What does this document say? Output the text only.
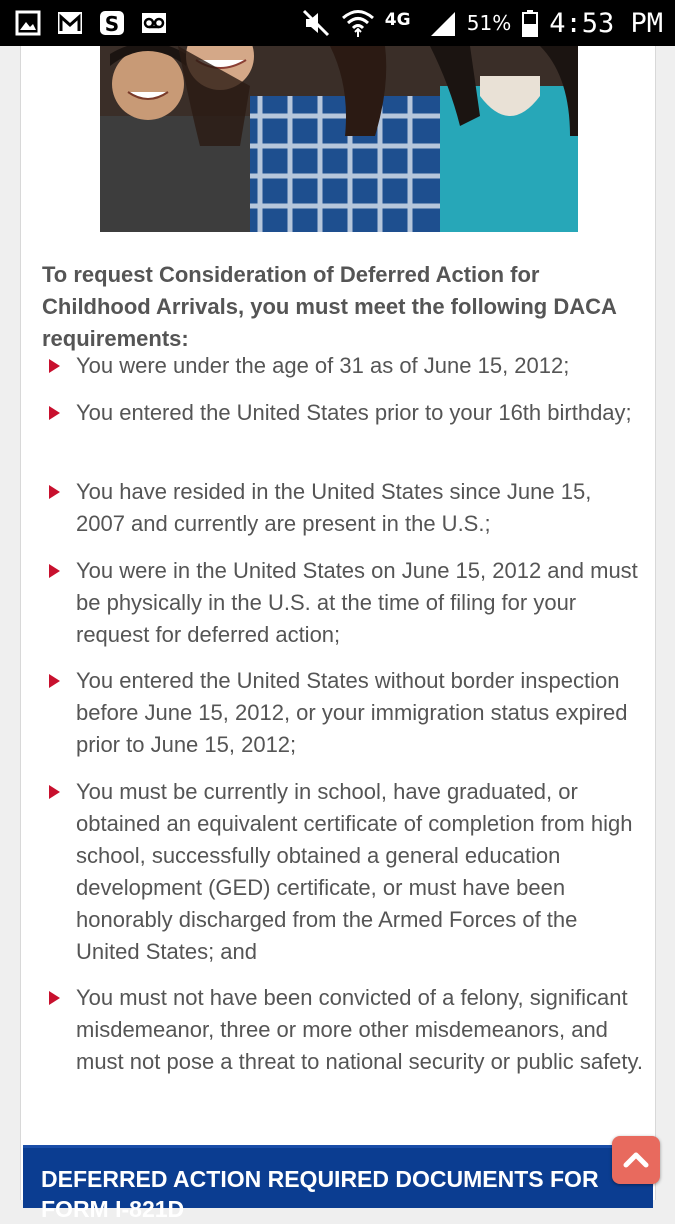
S	4G	51% 4:53 PM
To request Consideration of Deferred Action for Childhood Arrivals, you must meet the following DACA requirements:
You were under the age of 31 as of June 15, 2012;
You entered the United States prior to your 16th birthday;
You have resided in the United States since June 15, 2007 and currently are present in the U.S.;
You were in the United States on June 15, 2012 and must be physically in the U.S. at the time of filing for your request for deferred action;
You entered the United States without border inspection before June 15, 2012, or your immigration status expired prior to June 15, 2012;
You must be currently in school, have graduated, or obtained an equivalent certificate of completion from high school, successfully obtained a general education development (GED) certificate, or must have been honorably discharged from the Armed Forces of the United States; and
You must not have been convicted of a felony, significant misdemeanor, three or more other misdemeanors, and must not pose a threat to national security or public safety.
DEFERRED ACTION REQUIRED DOCUMENTS FOR FORM I-821D
